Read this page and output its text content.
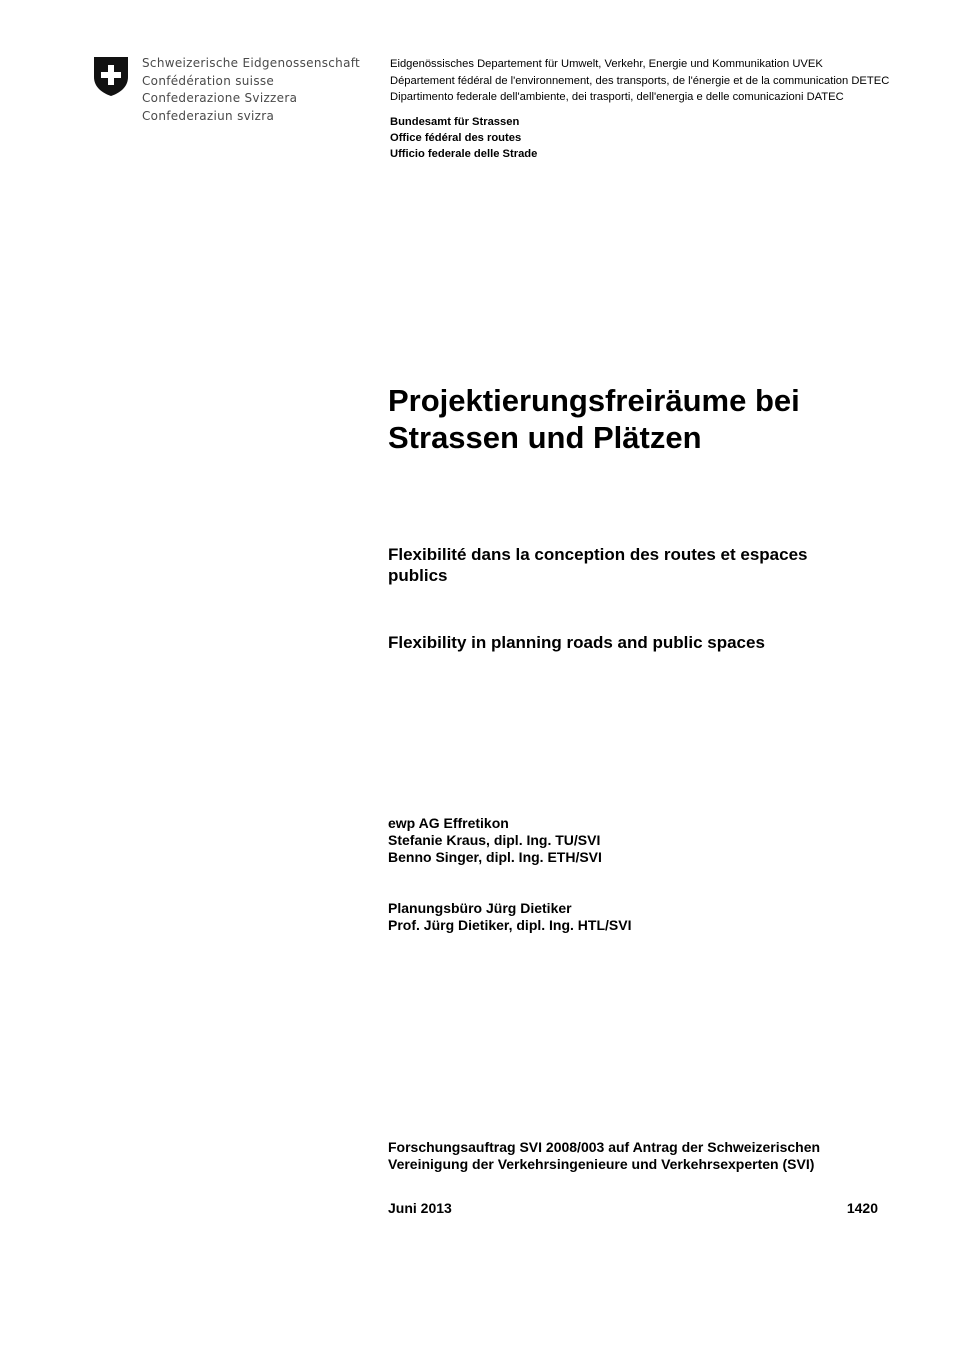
Schweizerische Eidgenossenschaft
Confédération suisse
Confederazione Svizzera
Confederaziun svizra
Eidgenössisches Departement für Umwelt, Verkehr, Energie und Kommunikation UVEK
Département fédéral de l'environnement, des transports, de l'énergie et de la communication DETEC
Dipartimento federale dell'ambiente, dei trasporti, dell'energia e delle comunicazioni DATEC
Bundesamt für Strassen
Office fédéral des routes
Ufficio federale delle Strade
Projektierungsfreiräume bei Strassen und Plätzen
Flexibilité dans la conception des routes et espaces publics
Flexibility in planning roads and public spaces
ewp AG Effretikon
Stefanie Kraus, dipl. Ing. TU/SVI
Benno Singer, dipl. Ing. ETH/SVI
Planungsbüro Jürg Dietiker
Prof. Jürg Dietiker, dipl. Ing. HTL/SVI
Forschungsauftrag SVI 2008/003 auf Antrag der Schweizerischen
Vereinigung der Verkehrsingenieure und Verkehrsexperten (SVI)
Juni 2013	1420
